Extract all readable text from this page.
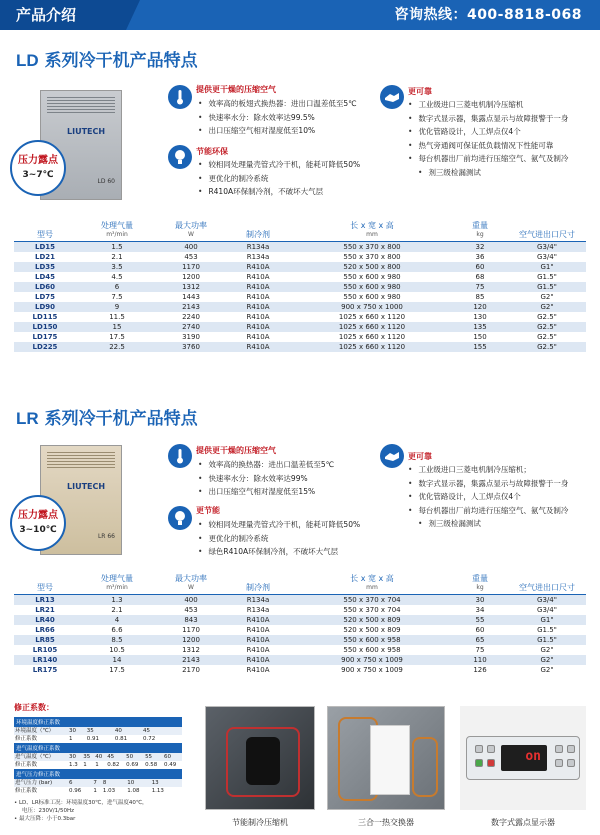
产品介绍	咨询热线：400-8818-068
LD 系列冷干机产品特点
LIUTECH
LD 60
压力露点
3~7℃
提供更干燥的压缩空气
• 效率高的板翅式换热器：进出口温差低至5℃
• 快速率水分：除水效率达99.5%
• 出口压缩空气相对湿度低至10%
节能环保
• 较相同处理量壳管式冷干机，能耗可降低50%
• 更优化的制冷系统
• R410A环保制冷剂，不破坏大气层
更可靠
• 工业级进口三菱电机制冷压缩机
• 数字式显示器，集露点显示与故障报警于一身
• 优化管路设计，人工焊点仅4个
• 热气旁通阀可保证低负载情况下性能可靠
• 每台机器出厂前均进行压缩空气、氨气及制冷
• 剂三级检漏测试
型号	处理气量
m³/min	最大功率
W	制冷剂	长 x 宽 x 高
mm	重量
kg	空气进出口尺寸
LD15	1.5	400	R134a	550 x 370 x 800	32	G3/4"
LD21	2.1	453	R134a	550 x 370 x 800	36	G3/4"
LD35	3.5	1170	R410A	520 x 500 x 800	60	G1"
LD45	4.5	1200	R410A	550 x 600 x 980	68	G1.5"
LD60	6	1312	R410A	550 x 600 x 980	75	G1.5"
LD75	7.5	1443	R410A	550 x 600 x 980	85	G2"
LD90	9	2143	R410A	900 x 750 x 1000	120	G2"
LD115	11.5	2240	R410A	1025 x 660 x 1120	130	G2.5"
LD150	15	2740	R410A	1025 x 660 x 1120	135	G2.5"
LD175	17.5	3190	R410A	1025 x 660 x 1120	150	G2.5"
LD225	22.5	3760	R410A	1025 x 660 x 1120	155	G2.5"
LR 系列冷干机产品特点
LIUTECH
LR 66
压力露点
3~10℃
提供更干燥的压缩空气
• 效率高的换热器：进出口温差低至5℃
• 快速率水分：除水效率达99%
• 出口压缩空气相对湿度低至15%
更节能
• 较相同处理量壳管式冷干机，能耗可降低50%
• 更优化的制冷系统
• 绿色R410A环保制冷剂，不破坏大气层
更可靠
• 工业级进口三菱电机制冷压缩机；
• 数字式显示器，集露点显示与故障报警于一身
• 优化管路设计，人工焊点仅4个
• 每台机器出厂前均进行压缩空气、氨气及制冷
• 剂三级检漏测试
型号	处理气量
m³/min	最大功率
W	制冷剂	长 x 宽 x 高
mm	重量
kg	空气进出口尺寸
LR13	1.3	400	R134a	550 x 370 x 704	30	G3/4"
LR21	2.1	453	R134a	550 x 370 x 704	34	G3/4"
LR40	4	843	R410A	520 x 500 x 809	55	G1"
LR66	6.6	1170	R410A	520 x 500 x 809	60	G1.5"
LR85	8.5	1200	R410A	550 x 600 x 958	65	G1.5"
LR105	10.5	1312	R410A	550 x 600 x 958	75	G2"
LR140	14	2143	R410A	900 x 750 x 1009	110	G2"
LR175	17.5	2170	R410A	900 x 750 x 1009	126	G2"
修正系数：
环境温度修正系数
环境温度（℃）	30	35	40	45			
修正系数	1	0.91	0.81	0.72			
进气温度修正系数
进气温度（℃）	30	35	40	45	50	55	60
修正系数	1.3	1	1	0.82	0.69	0.58	0.49
进气压力修正系数
进气压力 (bar)	6	7	8	10	13		
修正系数	0.96	1	1.03	1.08	1.13		
• LD、LR标准工况：环境温度30℃，进气温度40℃，
电压：230V/1/50Hz
• 最大压降：小于0.3bar	节能制冷压缩机	三合一热交换器
on
数字式露点显示器
